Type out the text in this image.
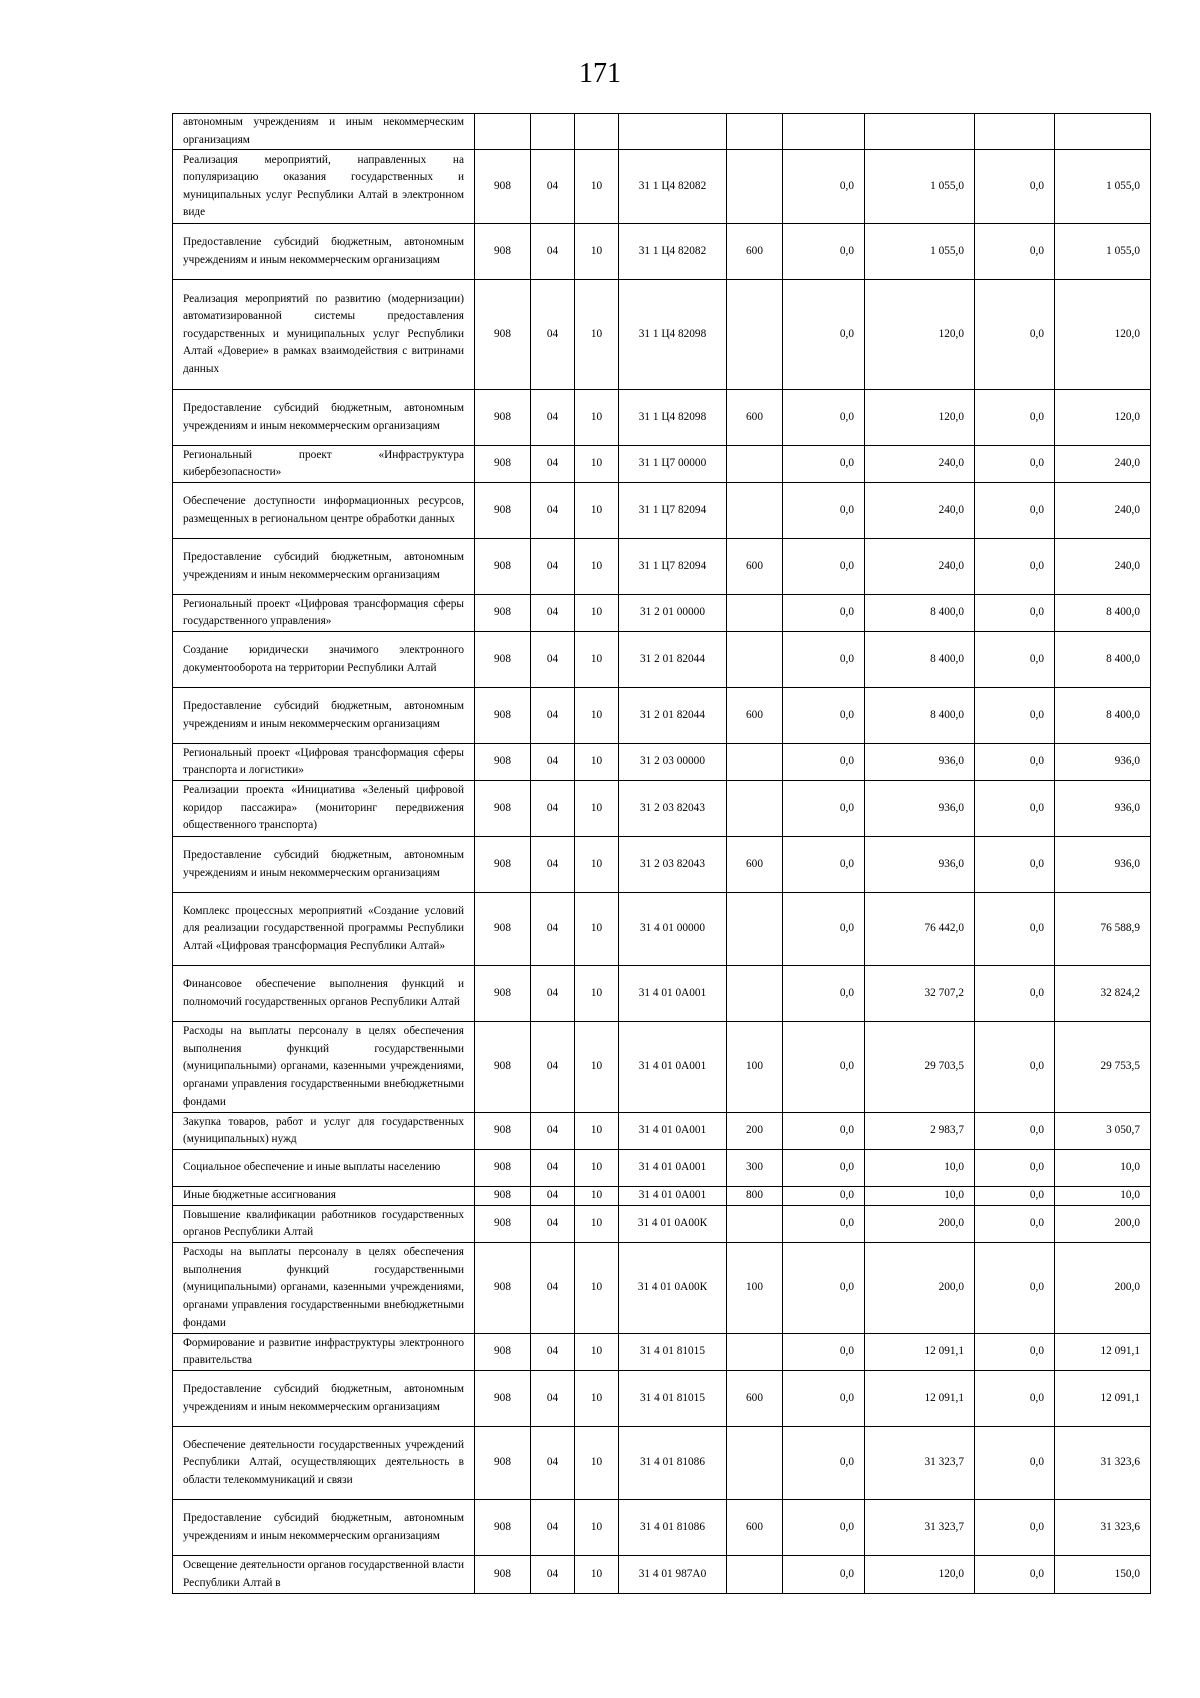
171
автономным учреждениям и иным некоммерческим организациям									
Реализация мероприятий, направленных на популяризацию оказания государственных и муниципальных услуг Республики Алтай в электронном виде	908	04	10	31 1 Ц4 82082		0,0	1 055,0	0,0	1 055,0
Предоставление субсидий бюджетным, автономным учреждениям и иным некоммерческим организациям	908	04	10	31 1 Ц4 82082	600	0,0	1 055,0	0,0	1 055,0
Реализация мероприятий по развитию (модернизации) автоматизированной системы предоставления государственных и муниципальных услуг Республики Алтай «Доверие» в рамках взаимодействия с витринами данных	908	04	10	31 1 Ц4 82098		0,0	120,0	0,0	120,0
Предоставление субсидий бюджетным, автономным учреждениям и иным некоммерческим организациям	908	04	10	31 1 Ц4 82098	600	0,0	120,0	0,0	120,0
Региональный проект «Инфраструктура кибербезопасности»	908	04	10	31 1 Ц7 00000		0,0	240,0	0,0	240,0
Обеспечение доступности информационных ресурсов, размещенных в региональном центре обработки данных	908	04	10	31 1 Ц7 82094		0,0	240,0	0,0	240,0
Предоставление субсидий бюджетным, автономным учреждениям и иным некоммерческим организациям	908	04	10	31 1 Ц7 82094	600	0,0	240,0	0,0	240,0
Региональный проект «Цифровая трансформация сферы государственного управления»	908	04	10	31 2 01 00000		0,0	8 400,0	0,0	8 400,0
Создание юридически значимого электронного документооборота на территории Республики Алтай	908	04	10	31 2 01 82044		0,0	8 400,0	0,0	8 400,0
Предоставление субсидий бюджетным, автономным учреждениям и иным некоммерческим организациям	908	04	10	31 2 01 82044	600	0,0	8 400,0	0,0	8 400,0
Региональный проект «Цифровая трансформация сферы транспорта и логистики»	908	04	10	31 2 03 00000		0,0	936,0	0,0	936,0
Реализации проекта «Инициатива «Зеленый цифровой коридор пассажира» (мониторинг передвижения общественного транспорта)	908	04	10	31 2 03 82043		0,0	936,0	0,0	936,0
Предоставление субсидий бюджетным, автономным учреждениям и иным некоммерческим организациям	908	04	10	31 2 03 82043	600	0,0	936,0	0,0	936,0
Комплекс процессных мероприятий «Создание условий для реализации государственной программы Республики Алтай «Цифровая трансформация Республики Алтай»	908	04	10	31 4 01 00000		0,0	76 442,0	0,0	76 588,9
Финансовое обеспечение выполнения функций и полномочий государственных органов Республики Алтай	908	04	10	31 4 01 0А001		0,0	32 707,2	0,0	32 824,2
Расходы на выплаты персоналу в целях обеспечения выполнения функций государственными (муниципальными) органами, казенными учреждениями, органами управления государственными внебюджетными фондами	908	04	10	31 4 01 0А001	100	0,0	29 703,5	0,0	29 753,5
Закупка товаров, работ и услуг для государственных (муниципальных) нужд	908	04	10	31 4 01 0А001	200	0,0	2 983,7	0,0	3 050,7
Социальное обеспечение и иные выплаты населению	908	04	10	31 4 01 0А001	300	0,0	10,0	0,0	10,0
Иные бюджетные ассигнования	908	04	10	31 4 01 0А001	800	0,0	10,0	0,0	10,0
Повышение квалификации работников государственных органов Республики Алтай	908	04	10	31 4 01 0А00К		0,0	200,0	0,0	200,0
Расходы на выплаты персоналу в целях обеспечения выполнения функций государственными (муниципальными) органами, казенными учреждениями, органами управления государственными внебюджетными фондами	908	04	10	31 4 01 0А00К	100	0,0	200,0	0,0	200,0
Формирование и развитие инфраструктуры электронного правительства	908	04	10	31 4 01 81015		0,0	12 091,1	0,0	12 091,1
Предоставление субсидий бюджетным, автономным учреждениям и иным некоммерческим организациям	908	04	10	31 4 01 81015	600	0,0	12 091,1	0,0	12 091,1
Обеспечение деятельности государственных учреждений Республики Алтай, осуществляющих деятельность в области телекоммуникаций и связи	908	04	10	31 4 01 81086		0,0	31 323,7	0,0	31 323,6
Предоставление субсидий бюджетным, автономным учреждениям и иным некоммерческим организациям	908	04	10	31 4 01 81086	600	0,0	31 323,7	0,0	31 323,6
Освещение деятельности органов государственной власти Республики Алтай в	908	04	10	31 4 01 987А0		0,0	120,0	0,0	150,0
